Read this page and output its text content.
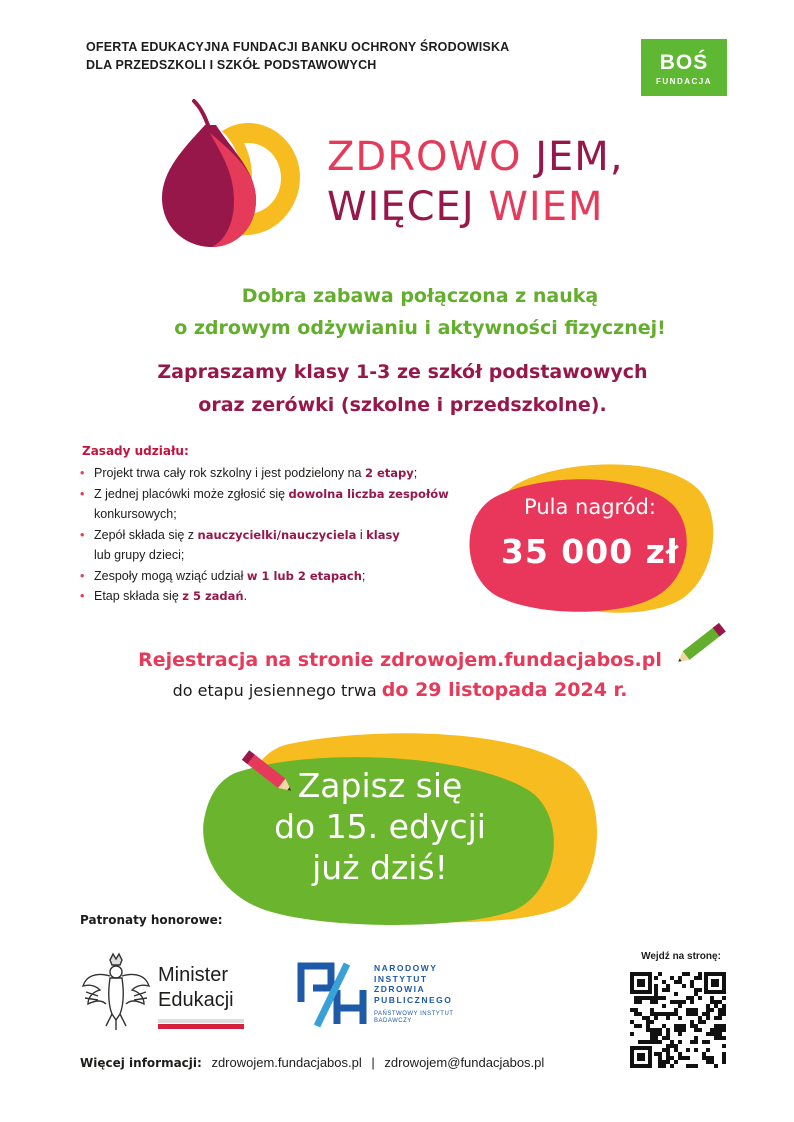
OFERTA EDUKACYJNA FUNDACJI BANKU OCHRONY ŚRODOWISKA
DLA PRZEDSZKOLI I SZKÓŁ PODSTAWOWYCH	BOŚ
FUNDACJA
ZDROWO JEM,
WIĘCEJ WIEM
Dobra zabawa połączona z nauką
o zdrowym odżywianiu i aktywności fizycznej!
Zapraszamy klasy 1-3 ze szkół podstawowych
oraz zerówki (szkolne i przedszkolne).
Zasady udziału:
• Projekt trwa cały rok szkolny i jest podzielony na 2 etapy;
• Z jednej placówki może zgłosić się dowolna liczba zespołów konkursowych;
• Zepół składa się z nauczycielki/nauczyciela i klasy
lub grupy dzieci;
• Zespoły mogą wziąć udział w 1 lub 2 etapach;
• Etap składa się z 5 zadań.
Pula nagród:
35 000 zł
Rejestracja na stronie zdrowojem.fundacjabos.pl
do etapu jesiennego trwa do 29 listopada 2024 r.
Zapisz się
do 15. edycji
już dziś!
Patronaty honorowe:
Minister
Edukacji
NARODOWY
INSTYTUT
ZDROWIA
PUBLICZNEGO
PAŃSTWOWY INSTYTUT
BADAWCZY
Wejdź na stronę:
Więcej informacji: zdrowojem.fundacjabos.pl | zdrowojem@fundacjabos.pl
